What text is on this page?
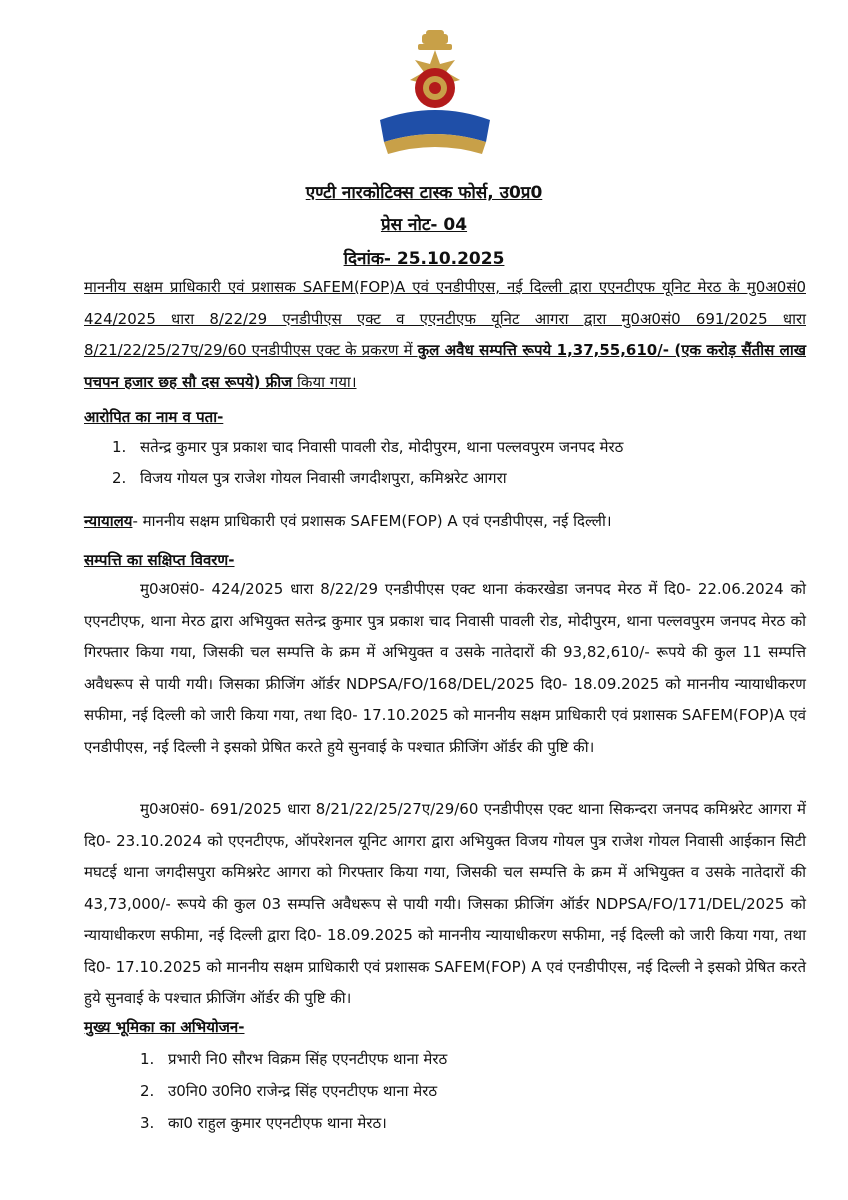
एण्टी नारकोटिक्स टास्क फोर्स, उ0प्र0
प्रेस नोट- 04
दिनांक- 25.10.2025
माननीय सक्षम प्राधिकारी एवं प्रशासक SAFEM(FOP)A एवं एनडीपीएस, नई दिल्ली द्वारा एएनटीएफ यूनिट मेरठ के मु0अ0सं0 424/2025 धारा 8/22/29 एनडीपीएस एक्ट व एएनटीएफ यूनिट आगरा द्वारा मु0अ0सं0 691/2025 धारा 8/21/22/25/27ए/29/60 एनडीपीएस एक्ट के प्रकरण में कुल अवैध सम्पत्ति रूपये 1,37,55,610/- (एक करोड़ सैंतीस लाख पचपन हजार छह सौ दस रूपये) फ्रीज किया गया।
आरोपित का नाम व पता-
1. सतेन्द्र कुमार पुत्र प्रकाश चाद निवासी पावली रोड, मोदीपुरम, थाना पल्लवपुरम जनपद मेरठ
2. विजय गोयल पुत्र राजेश गोयल निवासी जगदीशपुरा, कमिश्नरेट आगरा
न्यायालय- माननीय सक्षम प्राधिकारी एवं प्रशासक SAFEM(FOP) A एवं एनडीपीएस, नई दिल्ली।
सम्पत्ति का सक्षिप्त विवरण-
मु0अ0सं0- 424/2025 धारा 8/22/29 एनडीपीएस एक्ट थाना कंकरखेडा जनपद मेरठ में दि0- 22.06.2024 को एएनटीएफ, थाना मेरठ द्वारा अभियुक्त सतेन्द्र कुमार पुत्र प्रकाश चाद निवासी पावली रोड, मोदीपुरम, थाना पल्लवपुरम जनपद मेरठ को गिरफ्तार किया गया, जिसकी चल सम्पत्ति के क्रम में अभियुक्त व उसके नातेदारों की 93,82,610/- रूपये की कुल 11 सम्पत्ति अवैधरूप से पायी गयी। जिसका फ्रीजिंग ऑर्डर NDPSA/FO/168/DEL/2025 दि0- 18.09.2025 को माननीय न्यायाधीकरण सफीमा, नई दिल्ली को जारी किया गया, तथा दि0- 17.10.2025 को माननीय सक्षम प्राधिकारी एवं प्रशासक SAFEM(FOP)A एवं एनडीपीएस, नई दिल्ली ने इसको प्रेषित करते हुये सुनवाई के पश्चात फ्रीजिंग ऑर्डर की पुष्टि की।
मु0अ0सं0- 691/2025 धारा 8/21/22/25/27ए/29/60 एनडीपीएस एक्ट थाना सिकन्दरा जनपद कमिश्नरेट आगरा में दि0- 23.10.2024 को एएनटीएफ, ऑपरेशनल यूनिट आगरा द्वारा अभियुक्त विजय गोयल पुत्र राजेश गोयल निवासी आईकान सिटी मघटई थाना जगदीसपुरा कमिश्नरेट आगरा को गिरफ्तार किया गया, जिसकी चल सम्पत्ति के क्रम में अभियुक्त व उसके नातेदारों की 43,73,000/- रूपये की कुल 03 सम्पत्ति अवैधरूप से पायी गयी। जिसका फ्रीजिंग ऑर्डर NDPSA/FO/171/DEL/2025 को न्यायाधीकरण सफीमा, नई दिल्ली द्वारा दि0- 18.09.2025 को माननीय न्यायाधीकरण सफीमा, नई दिल्ली को जारी किया गया, तथा दि0- 17.10.2025 को माननीय सक्षम प्राधिकारी एवं प्रशासक SAFEM(FOP) A एवं एनडीपीएस, नई दिल्ली ने इसको प्रेषित करते हुये सुनवाई के पश्चात फ्रीजिंग ऑर्डर की पुष्टि की।
मुख्य भूमिका का अभियोजन-
1. प्रभारी नि0 सौरभ विक्रम सिंह एएनटीएफ थाना मेरठ
2. उ0नि0 उ0नि0 राजेन्द्र सिंह एएनटीएफ थाना मेरठ
3. का0 राहुल कुमार एएनटीएफ थाना मेरठ।
